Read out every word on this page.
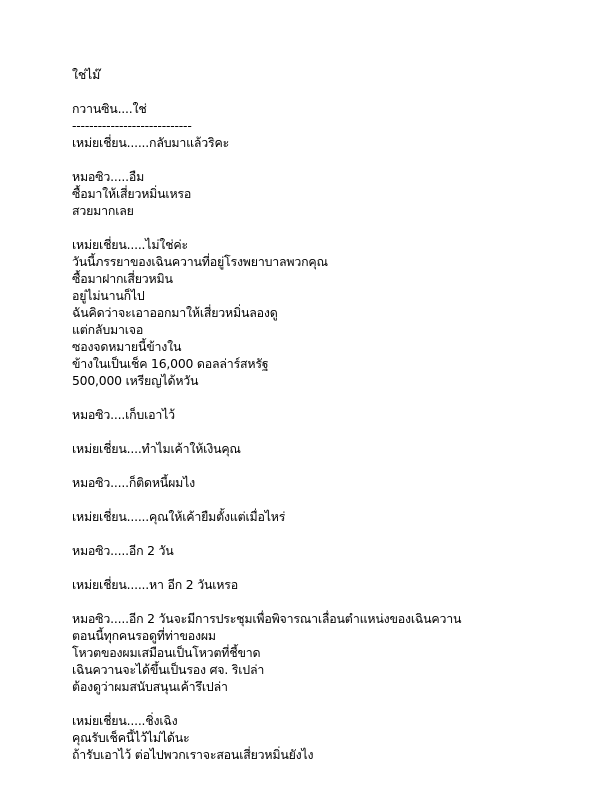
ใช่ไม๊
กวานซิน....ใช่
----------------------------
เหม่ยเชี่ยน......กลับมาแล้วริคะ
หมอซิว.....อืม
ซื้อมาให้เสี่ยวหมิ่นเหรอ
สวยมากเลย
เหม่ยเชี่ยน.....ไม่ใช่ค่ะ
วันนี้ภรรยาของเฉินควานที่อยู่โรงพยาบาลพวกคุณ
ซื้อมาฝากเสี่ยวหมิน
อยู่ไม่นานก็ไป
ฉันคิดว่าจะเอาออกมาให้เสี่ยวหมิ่นลองดู
แต่กลับมาเจอ
ซองจดหมายนี้ข้างใน
ข้างในเป็นเช็ค 16,000 ดอลล่าร์สหรัฐ
500,000 เหรียญได้หวัน
หมอซิว....เก็บเอาไว้
เหม่ยเชี่ยน....ทำไมเค้าให้เงินคุณ
หมอซิว.....ก็ติดหนี้ผมไง
เหม่ยเชี่ยน......คุณให้เค้ายืมตั้งแต่เมื่อไหร่
หมอซิว.....อีก 2 วัน
เหม่ยเชี่ยน......หา อีก 2 วันเหรอ
หมอซิว.....อีก 2 วันจะมีการประชุมเพื่อพิจารณาเลื่อนตำแหน่งของเฉินควาน
ตอนนี้ทุกคนรอดูที่ท่าของผม
โหวตของผมเสมือนเป็นโหวตที่ชี้ขาด
เฉินควานจะได้ขึ้นเป็นรอง ศจ. ริเปล่า
ต้องดูว่าผมสนับสนุนเค้ารึเปล่า
เหม่ยเชี่ยน.....ชิ่งเฉิง
คุณรับเช็คนี้ไว้ไม่ได้นะ
ถ้ารับเอาไว้ ต่อไปพวกเราจะสอนเสี่ยวหมิ่นยังไง
